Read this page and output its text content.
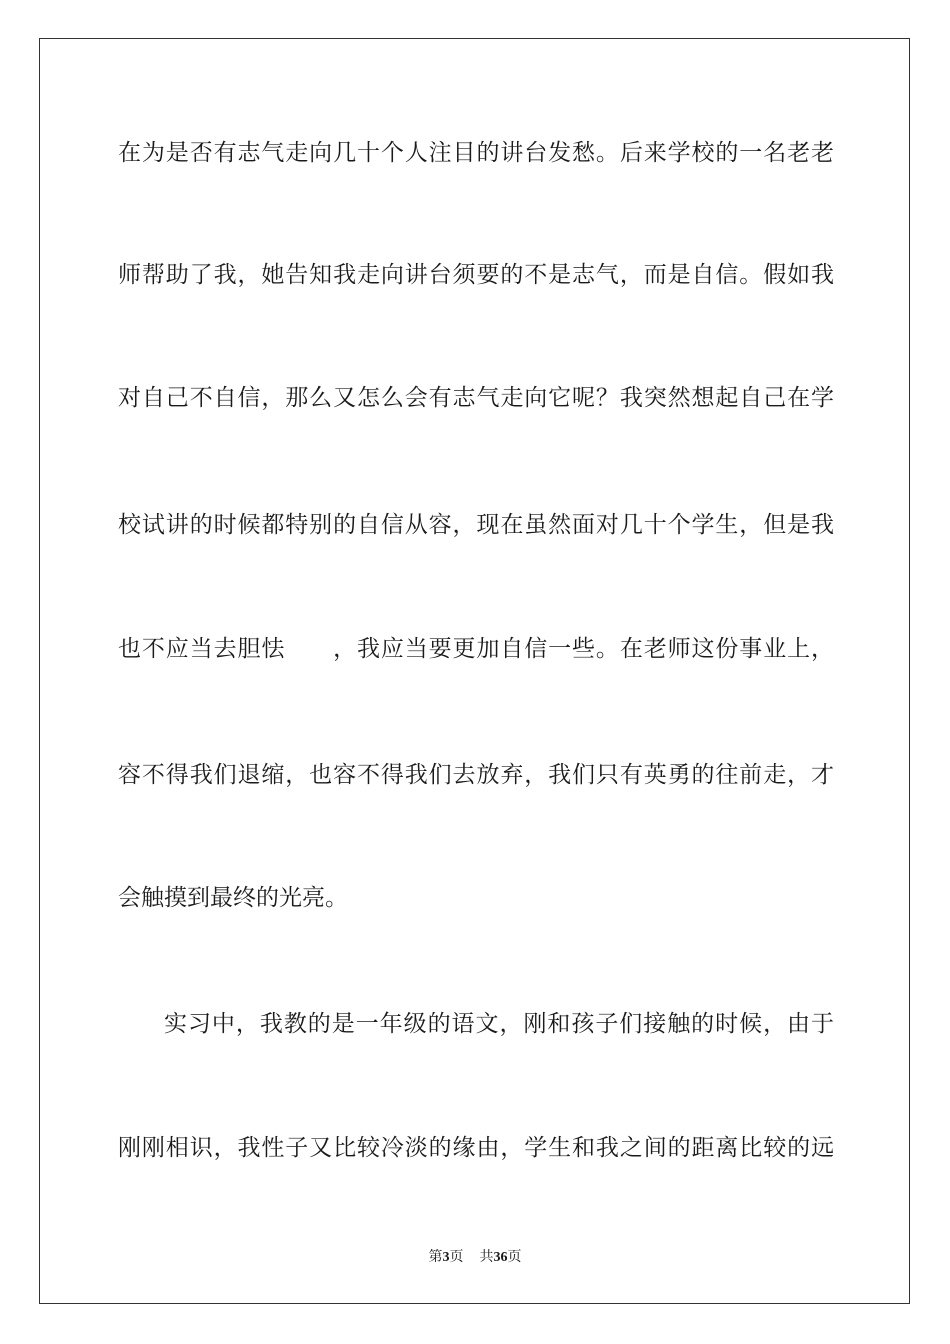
在为是否有志气走向几十个人注目的讲台发愁。后来学校的一名老老
师帮助了我，她告知我走向讲台须要的不是志气，而是自信。假如我
对自己不自信，那么又怎么会有志气走向它呢？我突然想起自己在学
校试讲的时候都特别的自信从容，现在虽然面对几十个学生，但是我
也不应当去胆怯　　，我应当要更加自信一些。在老师这份事业上，
容不得我们退缩，也容不得我们去放弃，我们只有英勇的往前走，才
会触摸到最终的光亮。
实习中，我教的是一年级的语文，刚和孩子们接触的时候，由于
刚刚相识，我性子又比较冷淡的缘由，学生和我之间的距离比较的远
第3页 共36页
